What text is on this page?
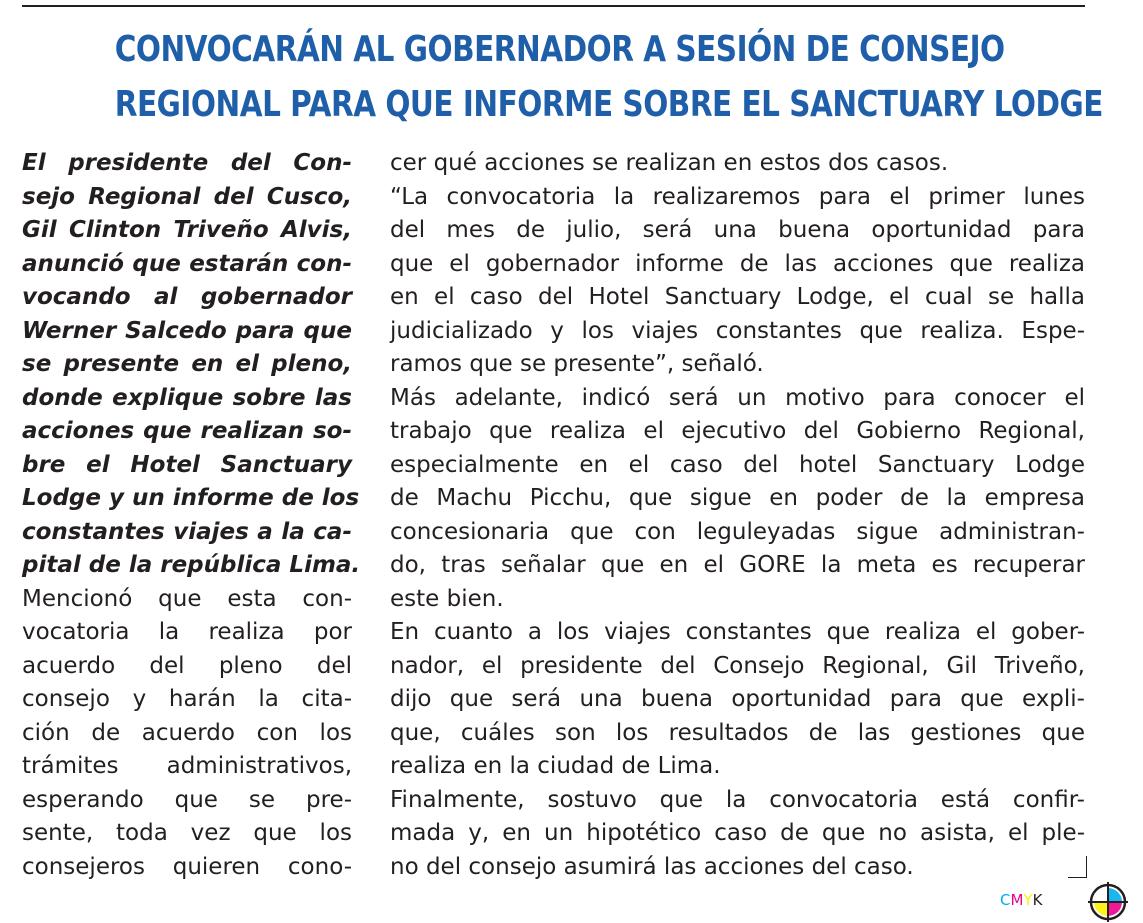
CONVOCARÁN AL GOBERNADOR A SESIÓN DE CONSEJO
REGIONAL PARA QUE INFORME SOBRE EL SANCTUARY LODGE
El presidente del Con-
sejo Regional del Cusco,
Gil Clinton Triveño Alvis,
anunció que estarán con-
vocando al gobernador
Werner Salcedo para que
se presente en el pleno,
donde explique sobre las
acciones que realizan so-
bre el Hotel Sanctuary
Lodge y un informe de los
constantes viajes a la ca-
pital de la república Lima.
Mencionó que esta con-
vocatoria la realiza por
acuerdo del pleno del
consejo y harán la cita-
ción de acuerdo con los
trámites administrativos,
esperando que se pre-
sente, toda vez que los
consejeros quieren cono-
cer qué acciones se realizan en estos dos casos.
“La convocatoria la realizaremos para el primer lunes
del mes de julio, será una buena oportunidad para
que el gobernador informe de las acciones que realiza
en el caso del Hotel Sanctuary Lodge, el cual se halla
judicializado y los viajes constantes que realiza. Espe-
ramos que se presente”, señaló.
Más adelante, indicó será un motivo para conocer el
trabajo que realiza el ejecutivo del Gobierno Regional,
especialmente en el caso del hotel Sanctuary Lodge
de Machu Picchu, que sigue en poder de la empresa
concesionaria que con leguleyadas sigue administran-
do, tras señalar que en el GORE la meta es recuperar
este bien.
En cuanto a los viajes constantes que realiza el gober-
nador, el presidente del Consejo Regional, Gil Triveño,
dijo que será una buena oportunidad para que expli-
que, cuáles son los resultados de las gestiones que
realiza en la ciudad de Lima.
Finalmente, sostuvo que la convocatoria está confir-
mada y, en un hipotético caso de que no asista, el ple-
no del consejo asumirá las acciones del caso.
CMYK
